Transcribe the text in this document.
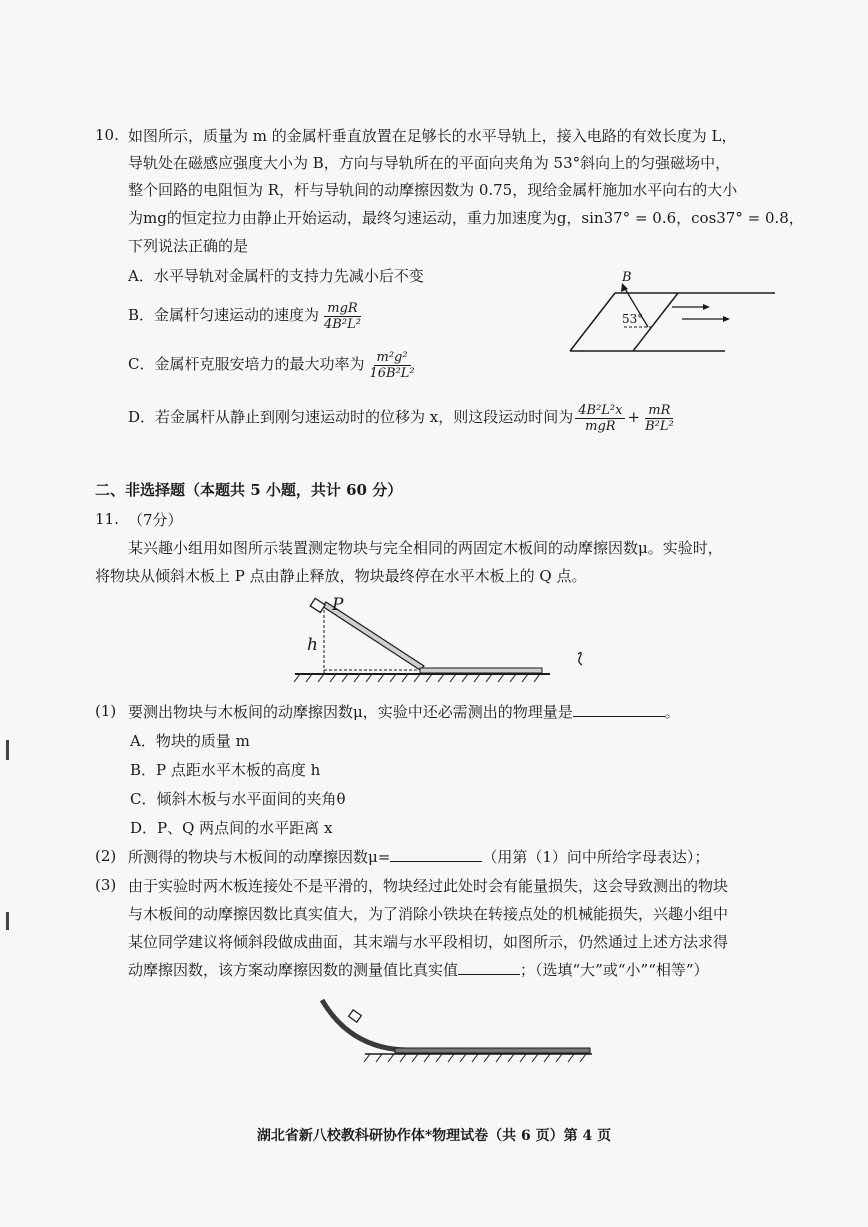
10. 如图所示，质量为 m 的金属杆垂直放置在足够长的水平导轨上，接入电路的有效长度为 L，
导轨处在磁感应强度大小为 B，方向与导轨所在的平面向夹角为 53°斜向上的匀强磁场中，
整个回路的电阻恒为 R，杆与导轨间的动摩擦因数为 0.75，现给金属杆施加水平向右的大小
为mg的恒定拉力由静止开始运动，最终匀速运动，重力加速度为g，sin37° = 0.6，cos37° = 0.8，
下列说法正确的是
A．水平导轨对金属杆的支持力先减小后不变
B．金属杆匀速运动的速度为 $\frac{\text{mgR}}{\text{4B²L²}}$
C．金属杆克服安培力的最大功率为 $\frac{\text{m²g²}}{\text{16B²L²}}$
D．若金属杆从静止到刚匀速运动时的位移为 x，则这段运动时间为 $\frac{\text{4B²L²x}}{\text{mgR}} + \frac{mR}{\text{B²L²}}$
B
53°
二、非选择题（本题共 5 小题，共计 60 分）
11. （7分）
某兴趣小组用如图所示装置测定物块与完全相同的两固定木板间的动摩擦因数μ。实验时，
将物块从倾斜木板上 P 点由静止释放，物块最终停在水平木板上的 Q 点。
P
h
(1) 要测出物块与木板间的动摩擦因数μ，实验中还必需测出的物理量是	。
A．物块的质量 m
B．P 点距水平木板的高度 h
C．倾斜木板与水平面间的夹角θ
D．P、Q 两点间的水平距离 x
(2) 所测得的物块与木板间的动摩擦因数μ=	（用第（1）问中所给字母表达）；
(3) 由于实验时两木板连接处不是平滑的，物块经过此处时会有能量损失，这会导致测出的物块
与木板间的动摩擦因数比真实值大，为了消除小铁块在转接点处的机械能损失，兴趣小组中
某位同学建议将倾斜段做成曲面，其末端与水平段相切，如图所示，仍然通过上述方法求得
动摩擦因数，该方案动摩擦因数的测量值比真实值	；（选填“大”或“小”“相等”）
湖北省新八校教科研协作体*物理试卷（共 6 页）第 4 页
